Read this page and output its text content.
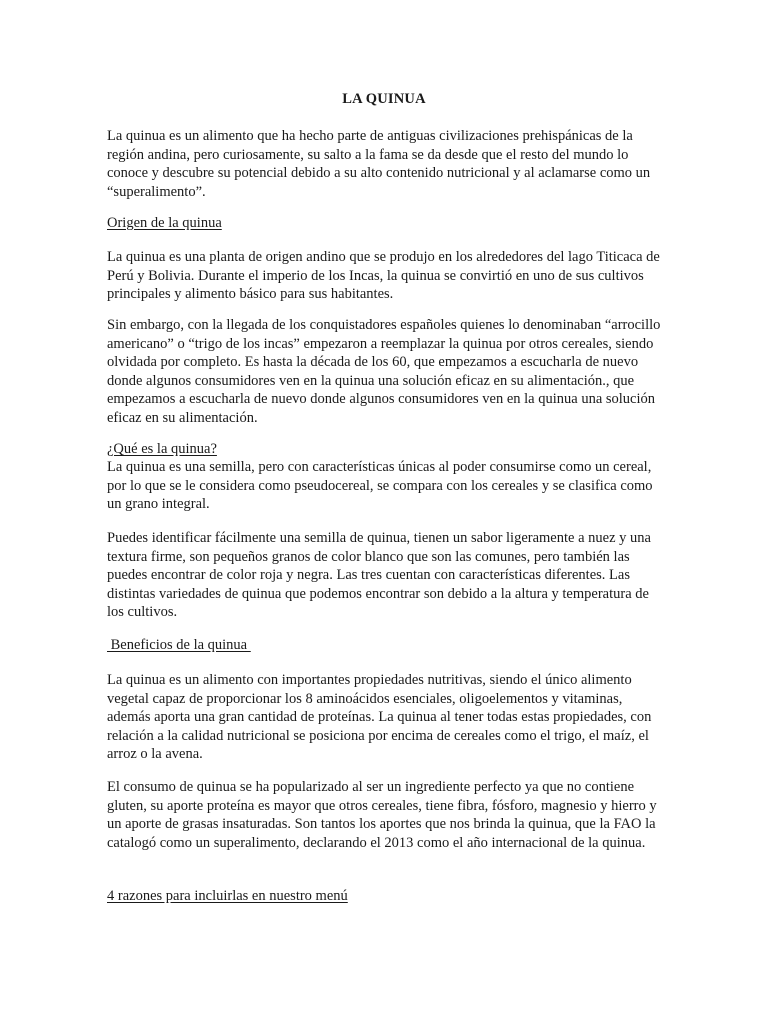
LA QUINUA

La quinua es un alimento que ha hecho parte de antiguas civilizaciones prehispánicas de la región andina, pero curiosamente, su salto a la fama se da desde que el resto del mundo lo conoce y descubre su potencial debido a su alto contenido nutricional y al aclamarse como un “superalimento”.

Origen de la quinua

La quinua es una planta de origen andino que se produjo en los alrededores del lago Titicaca de Perú y Bolivia. Durante el imperio de los Incas, la quinua se convirtió en uno de sus cultivos principales y alimento básico para sus habitantes.

Sin embargo, con la llegada de los conquistadores españoles quienes lo denominaban “arrocillo americano” o “trigo de los incas” empezaron a reemplazar la quinua por otros cereales, siendo olvidada por completo. Es hasta la década de los 60, que empezamos a escucharla de nuevo donde algunos consumidores ven en la quinua una solución eficaz en su alimentación., que empezamos a escucharla de nuevo donde algunos consumidores ven en la quinua una solución eficaz en su alimentación.

¿Qué es la quinua?

La quinua es una semilla, pero con características únicas al poder consumirse como un cereal, por lo que se le considera como pseudocereal, se compara con los cereales y se clasifica como un grano integral.

Puedes identificar fácilmente una semilla de quinua, tienen un sabor ligeramente a nuez y una textura firme, son pequeños granos de color blanco que son las comunes, pero también las puedes encontrar de color roja y negra. Las tres cuentan con características diferentes. Las distintas variedades de quinua que podemos encontrar son debido a la altura y temperatura de los cultivos.

Beneficios de la quinua

La quinua es un alimento con importantes propiedades nutritivas, siendo el único alimento vegetal capaz de proporcionar los 8 aminoácidos esenciales, oligoelementos y vitaminas, además aporta una gran cantidad de proteínas. La quinua al tener todas estas propiedades, con relación a la calidad nutricional se posiciona por encima de cereales como el trigo, el maíz, el arroz o la avena.

El consumo de quinua se ha popularizado al ser un ingrediente perfecto ya que no contiene gluten, su aporte proteína es mayor que otros cereales, tiene fibra, fósforo, magnesio y hierro y un aporte de grasas insaturadas. Son tantos los aportes que nos brinda la quinua, que la FAO la catalogó como un superalimento, declarando el 2013 como el año internacional de la quinua.

4 razones para incluirlas en nuestro menú
